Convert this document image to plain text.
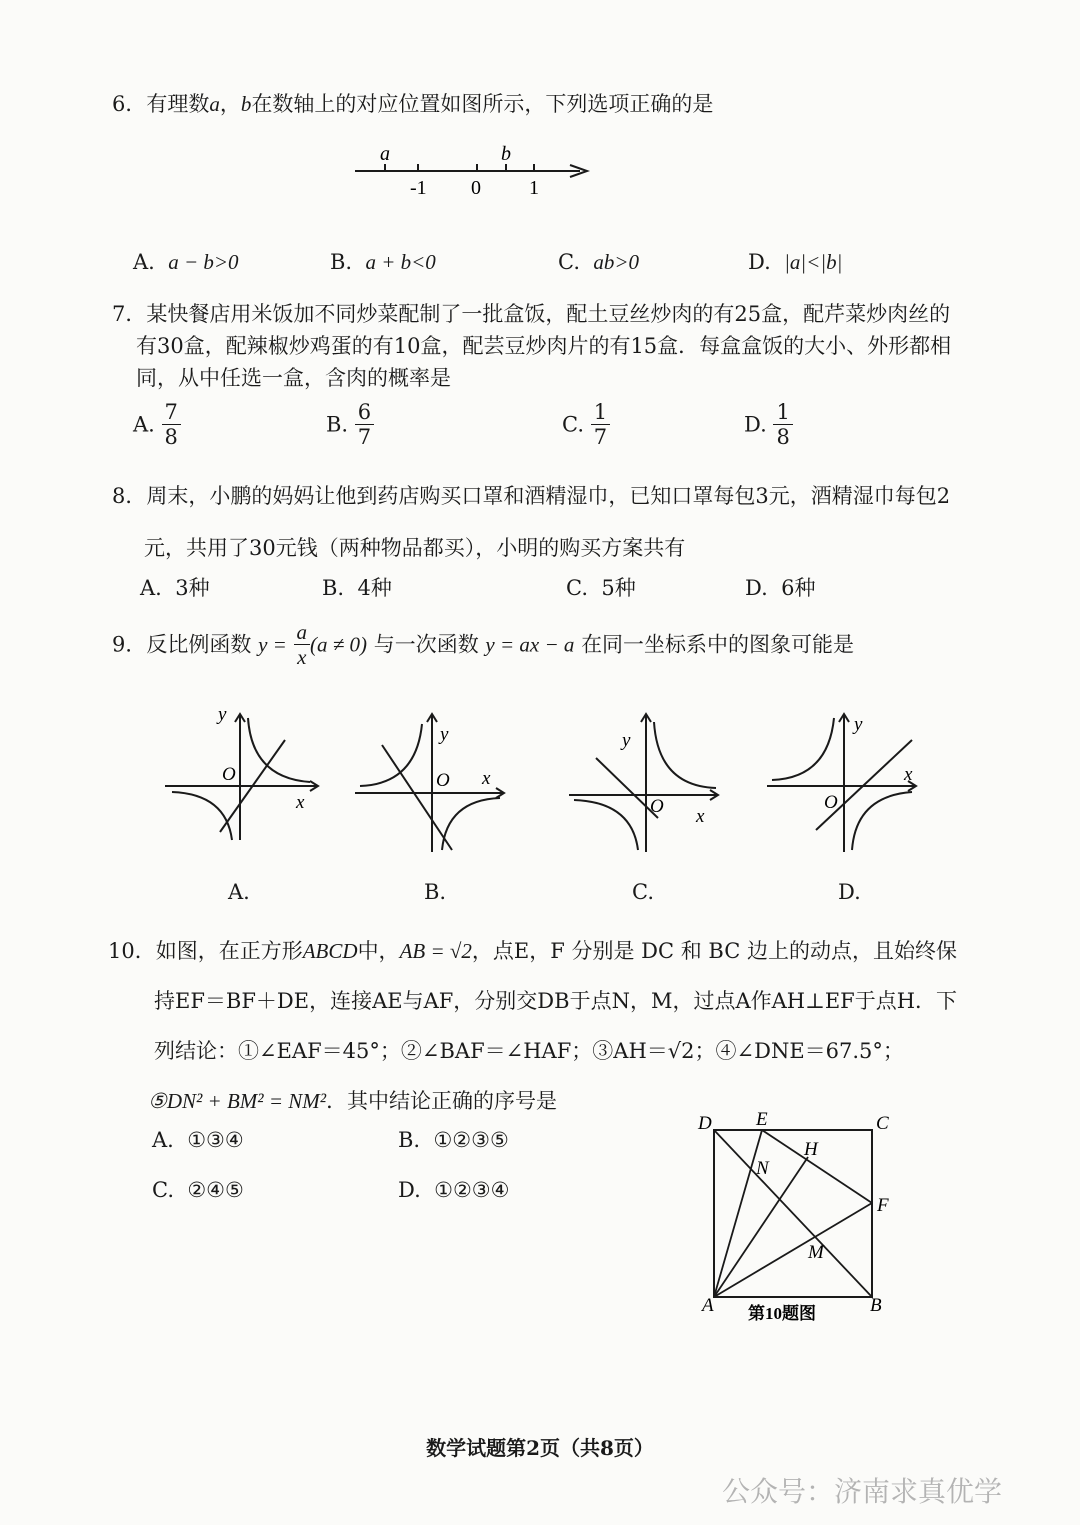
6．有理数a，b在数轴上的对应位置如图所示，下列选项正确的是
a	b
-1 0 1
A. a − b>0	B. a + b<0	C. ab>0	D. |a|<|b|
7．某快餐店用米饭加不同炒菜配制了一批盒饭，配土豆丝炒肉的有25盒，配芹菜炒肉丝的
有30盒，配辣椒炒鸡蛋的有10盒，配芸豆炒肉片的有15盒．每盒盒饭的大小、外形都相
同，从中任选一盒，含肉的概率是
A. $\frac{7}{8}$	B. $\frac{6}{7}$	C. $\frac{1}{7}$	D. $\frac{1}{8}$
8．周末，小鹏的妈妈让他到药店购买口罩和酒精湿巾，已知口罩每包3元，酒精湿巾每包2
元，共用了30元钱（两种物品都买），小明的购买方案共有
A. 3种	B. 4种	C. 5种	D. 6种
9．反比例函数 $y = \frac{a}{x} (a \ne 0)$ 与一次函数 y = ax − a 在同一坐标系中的图象可能是
y
O
x
y
O x
y
O x
y
O
x
A.	B.	C.	D.
10．如图，在正方形ABCD中，AB = √2，点E，F 分别是 DC 和 BC 边上的动点，且始终保
持EF＝BF＋DE，连接AE与AF，分别交DB于点N，M，过点A作AH⊥EF于点H．下
列结论：①∠EAF＝45°；②∠BAF＝∠HAF；③AH＝√2；④∠DNE＝67.5°；
⑤DN² + BM² = NM²．其中结论正确的序号是
A. ①③④	B. ①②③⑤
C. ②④⑤	D. ①②③④
D E	C
H
N
F
M
A	B
第10题图
数学试题第2页（共8页）
公众号：济南求真优学
